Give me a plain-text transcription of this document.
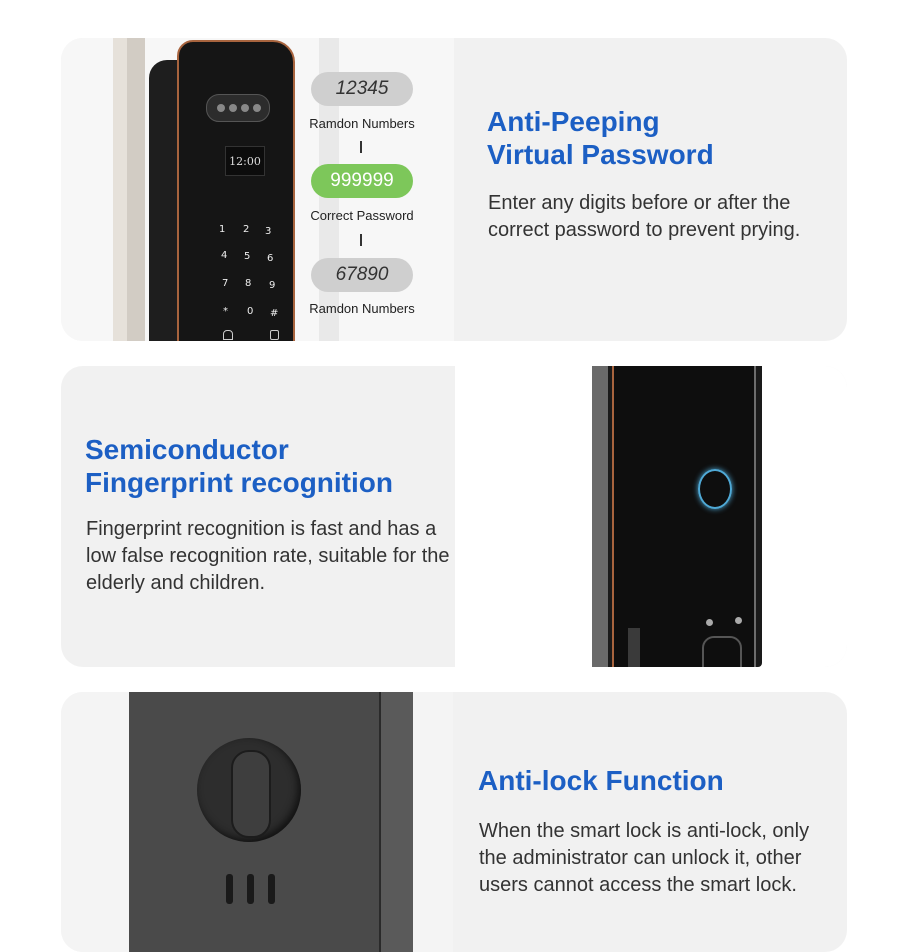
12:00
1 2 3
4 5 6
7 8 9
* 0 #
12345
Ramdon Numbers
999999
Correct Password
67890
Ramdon Numbers
Anti-Peeping
Virtual Password

Enter any digits before or after the correct password to prevent prying.

Semiconductor
Fingerprint recognition

Fingerprint recognition is fast and has a low false recognition rate, suitable for the elderly and children.

Anti-lock Function

When the smart lock is anti-lock, only the administrator can unlock it, other users cannot access the smart lock.
